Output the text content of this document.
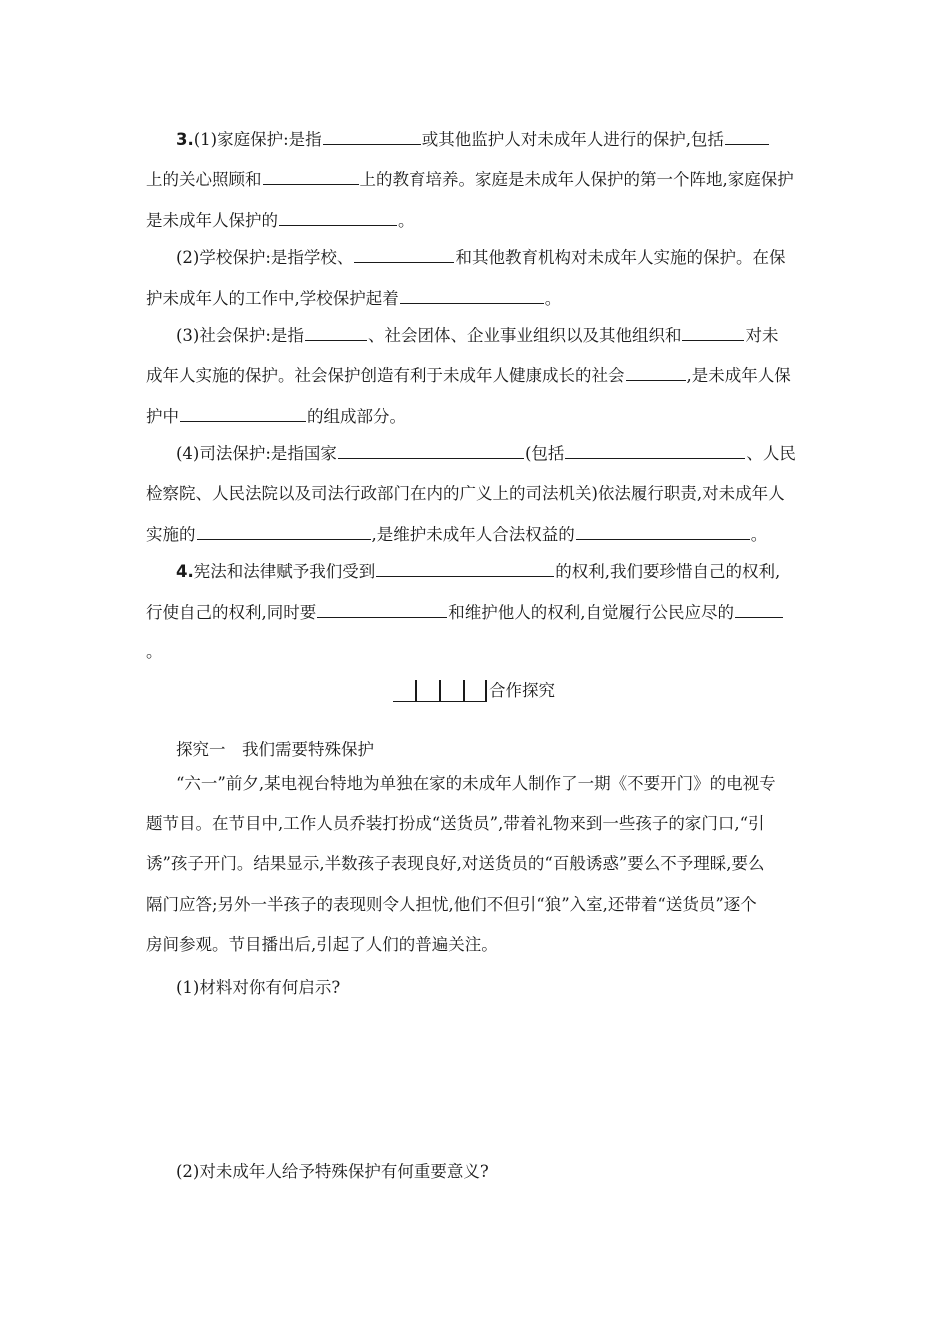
3.(1)家庭保护:是指	或其他监护人对未成年人进行的保护,包括
上的关心照顾和	上的教育培养。家庭是未成年人保护的第一个阵地,家庭保护
是未成年人保护的	。
(2)学校保护:是指学校、	和其他教育机构对未成年人实施的保护。在保
护未成年人的工作中,学校保护起着	。
(3)社会保护:是指	、社会团体、企业事业组织以及其他组织和	对未
成年人实施的保护。社会保护创造有利于未成年人健康成长的社会	,是未成年人保
护中	的组成部分。
(4)司法保护:是指国家	(包括	、人民
检察院、人民法院以及司法行政部门在内的广义上的司法机关)依法履行职责,对未成年人
实施的	,是维护未成年人合法权益的	。
4.宪法和法律赋予我们受到	的权利,我们要珍惜自己的权利,
行使自己的权利,同时要	和维护他人的权利,自觉履行公民应尽的
。
合作探究
探究一　我们需要特殊保护
“六一”前夕,某电视台特地为单独在家的未成年人制作了一期《不要开门》的电视专
题节目。在节目中,工作人员乔装打扮成“送货员”,带着礼物来到一些孩子的家门口,“引
诱”孩子开门。结果显示,半数孩子表现良好,对送货员的“百般诱惑”要么不予理睬,要么
隔门应答;另外一半孩子的表现则令人担忧,他们不但引“狼”入室,还带着“送货员”逐个
房间参观。节目播出后,引起了人们的普遍关注。
(1)材料对你有何启示?
(2)对未成年人给予特殊保护有何重要意义?
